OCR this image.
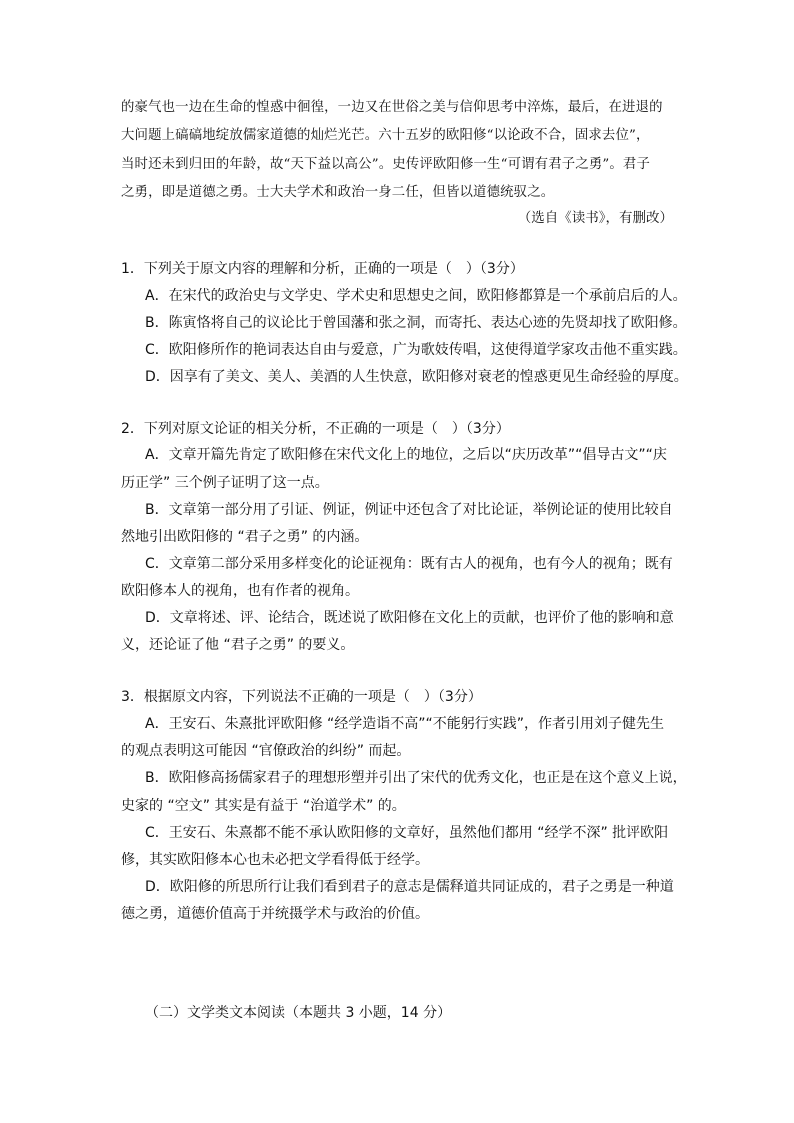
的豪气也一边在生命的惶惑中徊徨，一边又在世俗之美与信仰思考中淬炼，最后，在进退的
大问题上碻碻地绽放儒家道德的灿烂光芒。六十五岁的欧阳修“以论政不合，固求去位”，
当时还未到归田的年龄，故“天下益以高公”。史传评欧阳修一生“可谓有君子之勇”。君子
之勇，即是道德之勇。士大夫学术和政治一身二任，但皆以道德统驭之。
（选自《读书》，有删改）
1．下列关于原文内容的理解和分析，正确的一项是（　）（3分）
A．在宋代的政治史与文学史、学术史和思想史之间，欧阳修都算是一个承前启后的人。
B．陈寅恪将自己的议论比于曾国藩和张之洞，而寄托、表达心迹的先贤却找了欧阳修。
C．欧阳修所作的艳词表达自由与爱意，广为歌妓传唱，这使得道学家攻击他不重实践。
D．因享有了美文、美人、美酒的人生快意，欧阳修对衰老的惶惑更见生命经验的厚度。
2．下列对原文论证的相关分析，不正确的一项是（　）（3分）
A．文章开篇先肯定了欧阳修在宋代文化上的地位，之后以“庆历改革”“倡导古文”“庆
历正学” 三个例子证明了这一点。
B．文章第一部分用了引证、例证，例证中还包含了对比论证，举例论证的使用比较自
然地引出欧阳修的 “君子之勇” 的内涵。
C．文章第二部分采用多样变化的论证视角：既有古人的视角，也有今人的视角；既有
欧阳修本人的视角，也有作者的视角。
D．文章将述、评、论结合，既述说了欧阳修在文化上的贡献，也评价了他的影响和意
义，还论证了他 “君子之勇” 的要义。
3．根据原文内容，下列说法不正确的一项是（　）（3分）
A．王安石、朱熹批评欧阳修 “经学造诣不高”“不能躬行实践”，作者引用刘子健先生
的观点表明这可能因 “官僚政治的纠纷” 而起。
B．欧阳修高扬儒家君子的理想形塑并引出了宋代的优秀文化，也正是在这个意义上说，
史家的 “空文” 其实是有益于 “治道学术” 的。
C．王安石、朱熹都不能不承认欧阳修的文章好，虽然他们都用 “经学不深” 批评欧阳
修，其实欧阳修本心也未必把文学看得低于经学。
D．欧阳修的所思所行让我们看到君子的意志是儒释道共同证成的，君子之勇是一种道
德之勇，道德价值高于并统摄学术与政治的价值。
（二）文学类文本阅读（本题共 3 小题，14 分）
